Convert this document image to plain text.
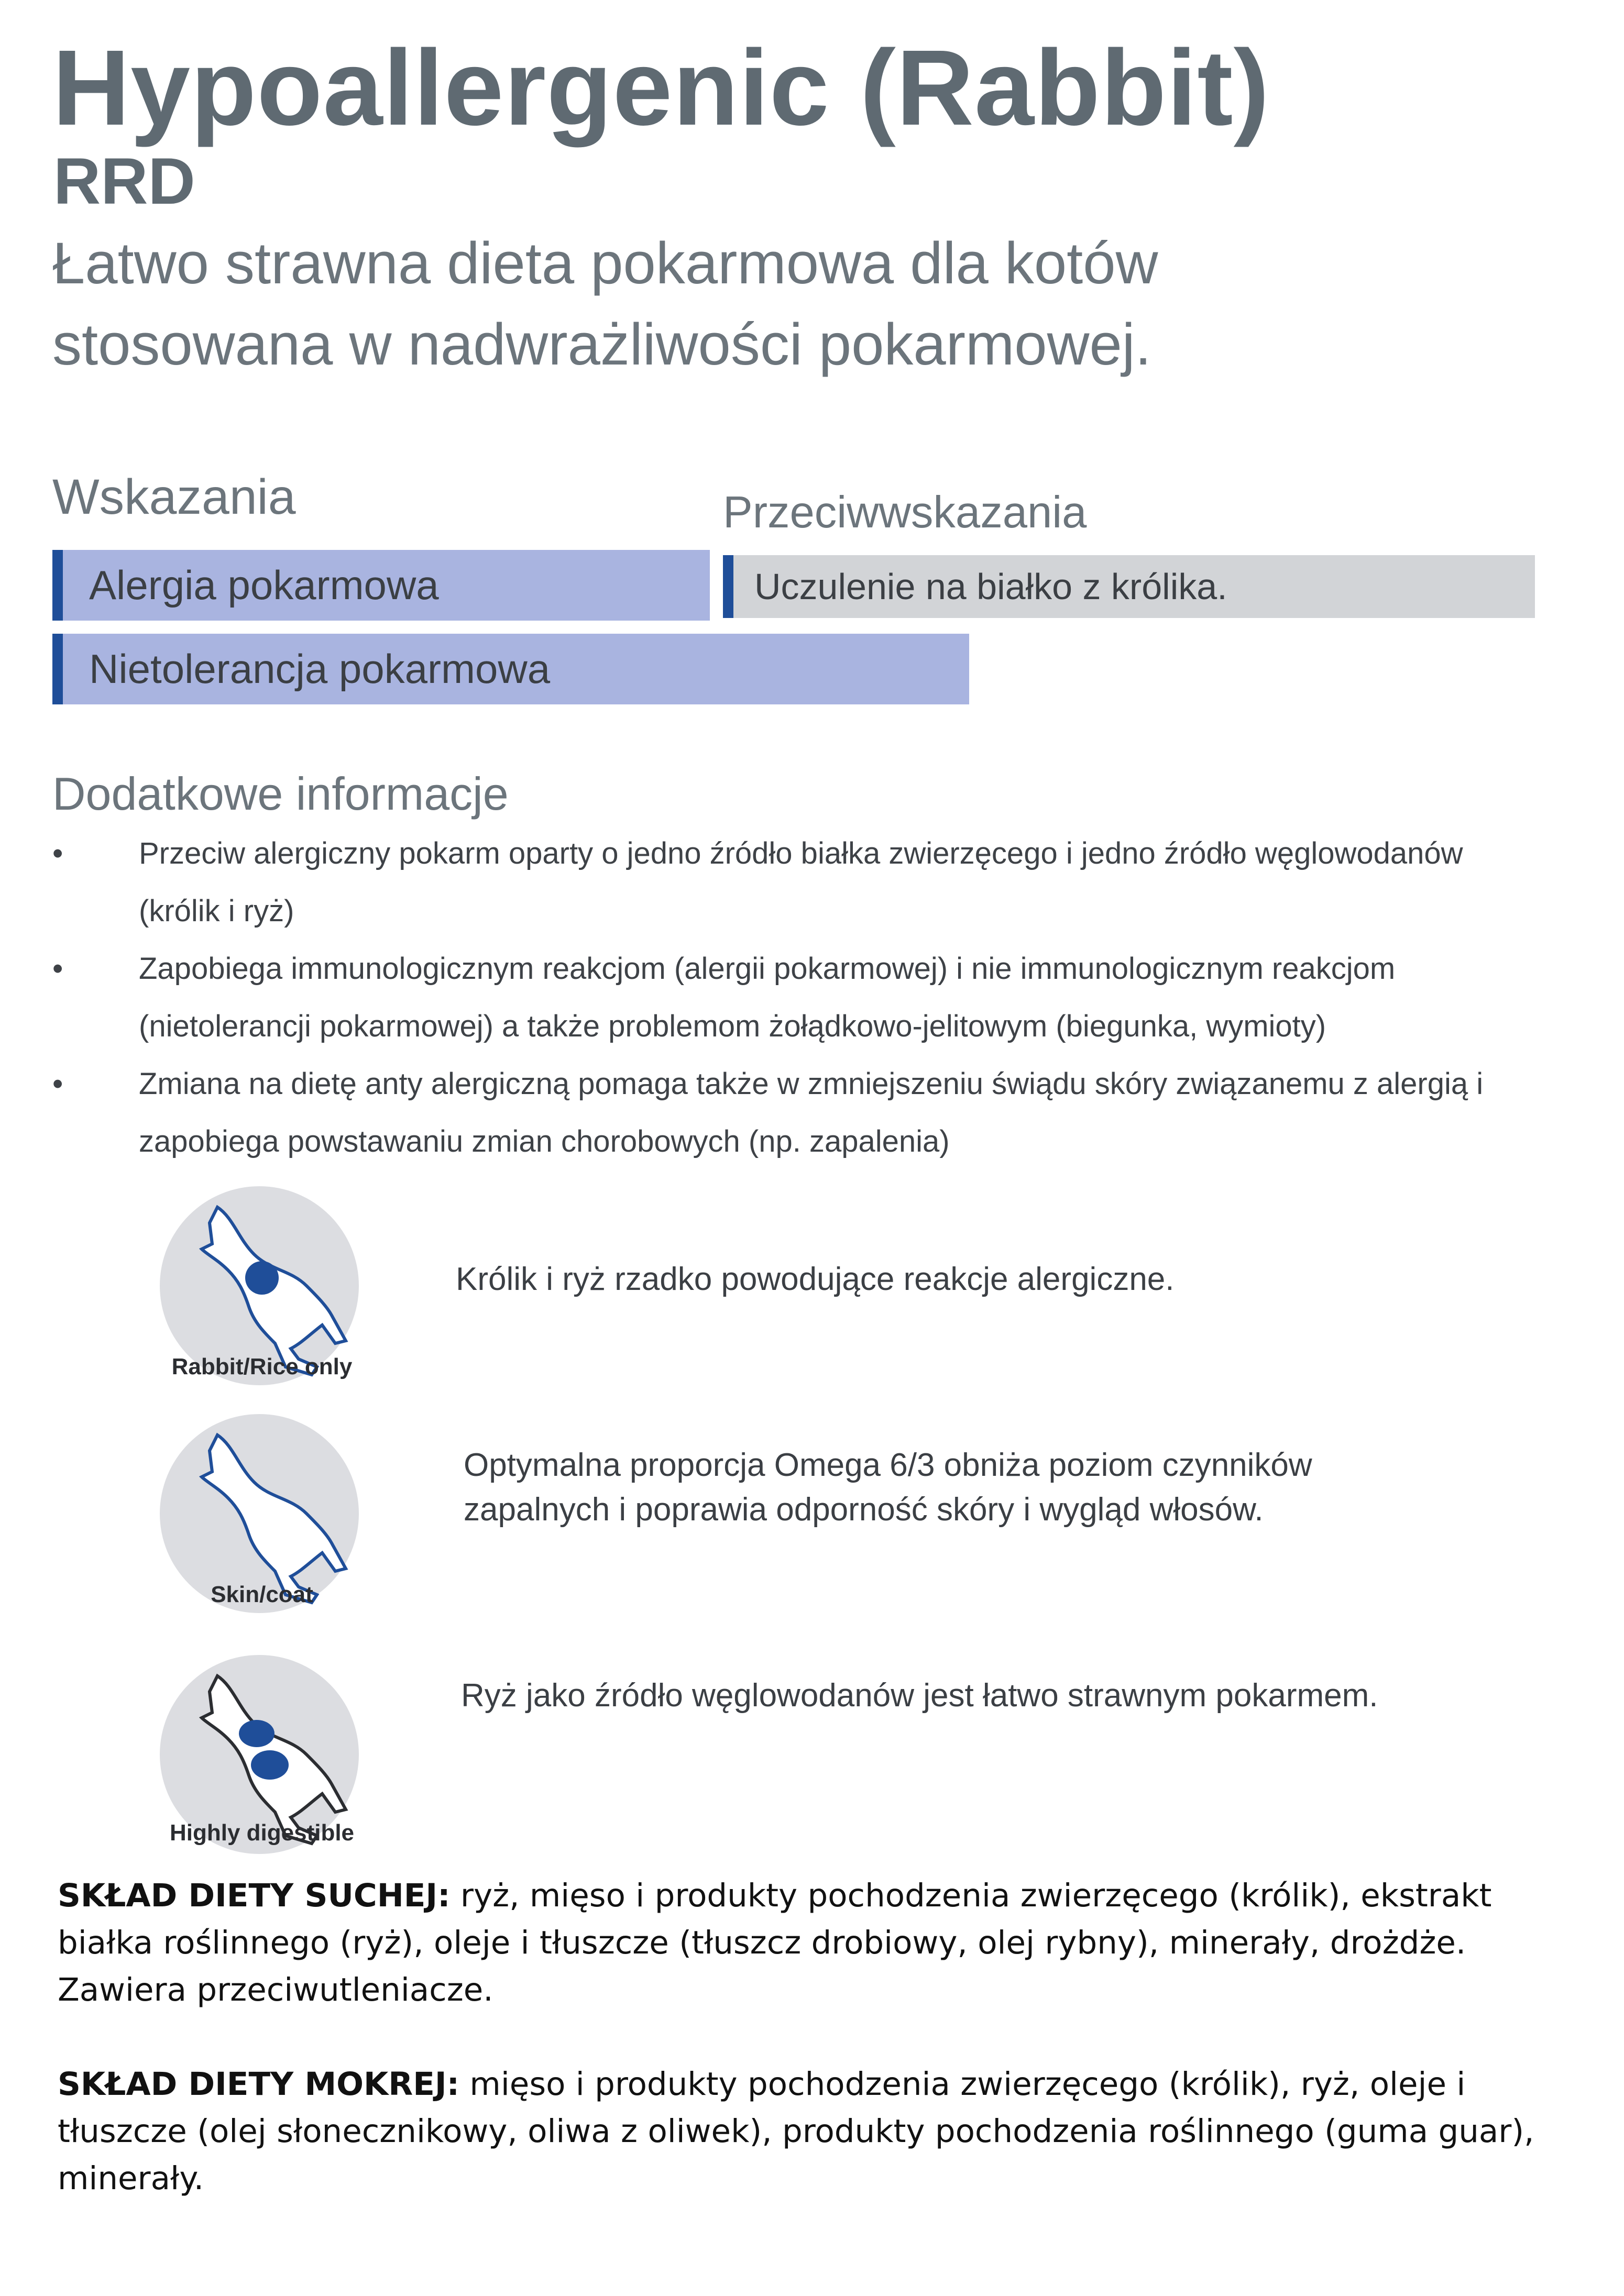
Hypoallergenic (Rabbit)
RRD
Łatwo strawna dieta pokarmowa dla kotów
stosowana w nadwrażliwości pokarmowej.
Wskazania
Alergia pokarmowa
Nietolerancja pokarmowa
Przeciwwskazania
Uczulenie na białko z królika.
Dodatkowe informacje
•	Przeciw alergiczny pokarm oparty o jedno źródło białka zwierzęcego i jedno źródło węglowodanów
(królik i ryż)
•	Zapobiega immunologicznym reakcjom (alergii pokarmowej) i nie immunologicznym reakcjom
(nietolerancji pokarmowej) a także problemom żołądkowo-jelitowym (biegunka, wymioty)
•	Zmiana na dietę anty alergiczną pomaga także w zmniejszeniu świądu skóry związanemu z alergią i
zapobiega powstawaniu zmian chorobowych (np. zapalenia)
Rabbit/Rice only
Królik i ryż rzadko powodujące reakcje alergiczne.
Skin/coat
Optymalna proporcja Omega 6/3 obniża poziom czynników
zapalnych i poprawia odporność skóry i wygląd włosów.
Highly digestible
Ryż jako źródło węglowodanów jest łatwo strawnym pokarmem.
SKŁAD DIETY SUCHEJ: ryż, mięso i produkty pochodzenia zwierzęcego (królik), ekstrakt białka roślinnego (ryż), oleje i tłuszcze (tłuszcz drobiowy, olej rybny), minerały, drożdże. Zawiera przeciwutleniacze.
SKŁAD DIETY MOKREJ: mięso i produkty pochodzenia zwierzęcego (królik), ryż, oleje i tłuszcze (olej słonecznikowy, oliwa z oliwek), produkty pochodzenia roślinnego (guma guar), minerały.
